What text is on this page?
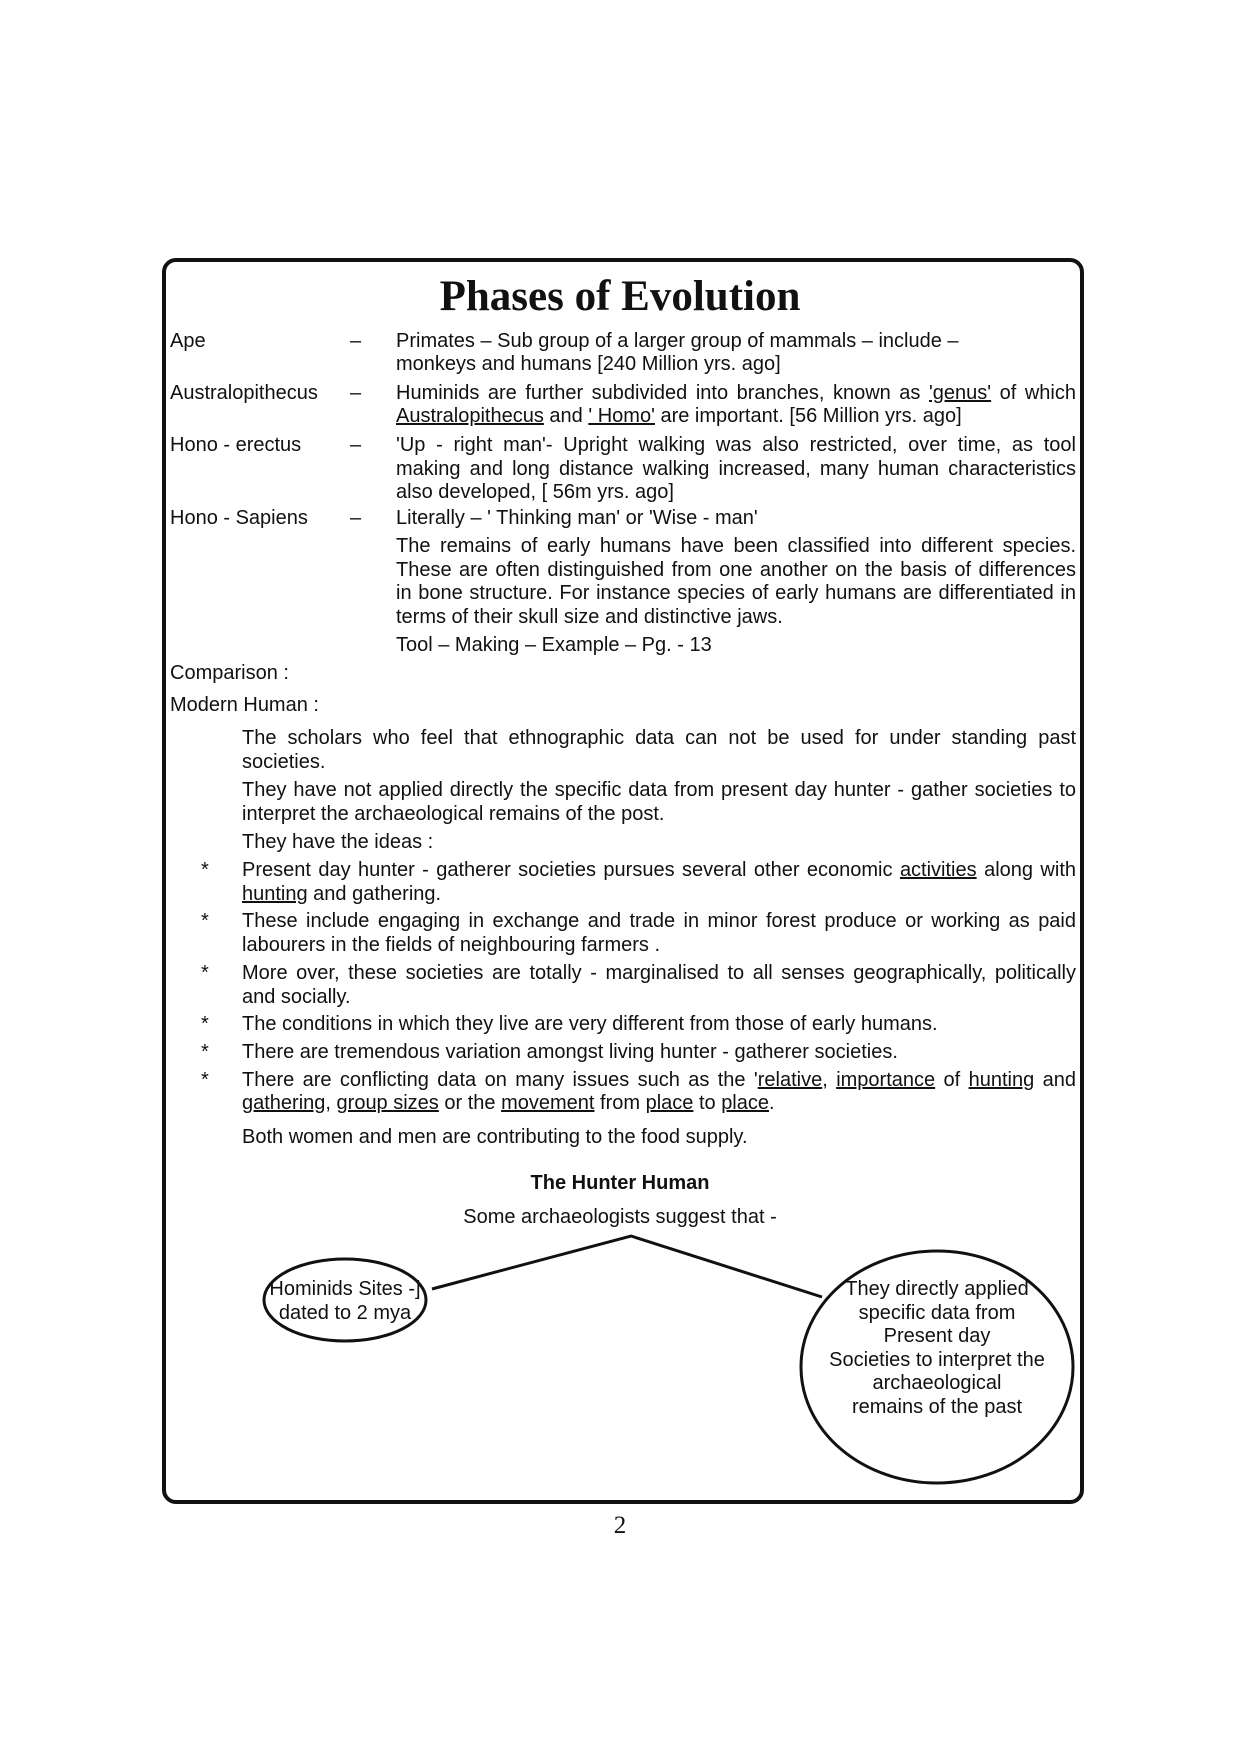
Phases of Evolution
Ape	– Primates – Sub group of a larger group of mammals – include –
monkeys and humans [240 Million yrs. ago]
Australopithecus – Huminids are further subdivided into branches, known as 'genus' of which
Australopithecus and ' Homo' are important. [56 Million yrs. ago]
Hono - erectus – 'Up - right man'- Upright walking was also restricted, over time, as tool making and long distance walking increased, many human characteristics also developed, [ 56m yrs. ago]
Hono - Sapiens – Literally – ' Thinking man' or 'Wise - man'
The remains of early humans have been classified into different species. These are often distinguished from one another on the basis of differences in bone structure. For instance species of early humans are differentiated in terms of their skull size and distinctive jaws.
Tool – Making – Example – Pg. - 13
Comparison :
Modern Human :
The scholars who feel that ethnographic data can not be used for under standing past societies.
They have not applied directly the specific data from present day hunter - gather societies to interpret the archaeological remains of the post.
They have the ideas :
* Present day hunter - gatherer societies pursues several other economic activities along with hunting and gathering.
* These include engaging in exchange and trade in minor forest produce or working as paid labourers in the fields of neighbouring farmers .
* More over, these societies are totally - marginalised to all senses geographically, politically and socially.
* The conditions in which they live are very different from those of early humans.
* There are tremendous variation amongst living hunter - gatherer societies.
* There are conflicting data on many issues such as the 'relative, importance of hunting and
gathering, group sizes or the movement from place to place.
Both women and men are contributing to the food supply.
The Hunter Human
Some archaeologists suggest that -
Hominids Sites -]
dated to 2 mya
They directly applied
specific data from
Present day
Societies to interpret the
archaeological
remains of the past
2
